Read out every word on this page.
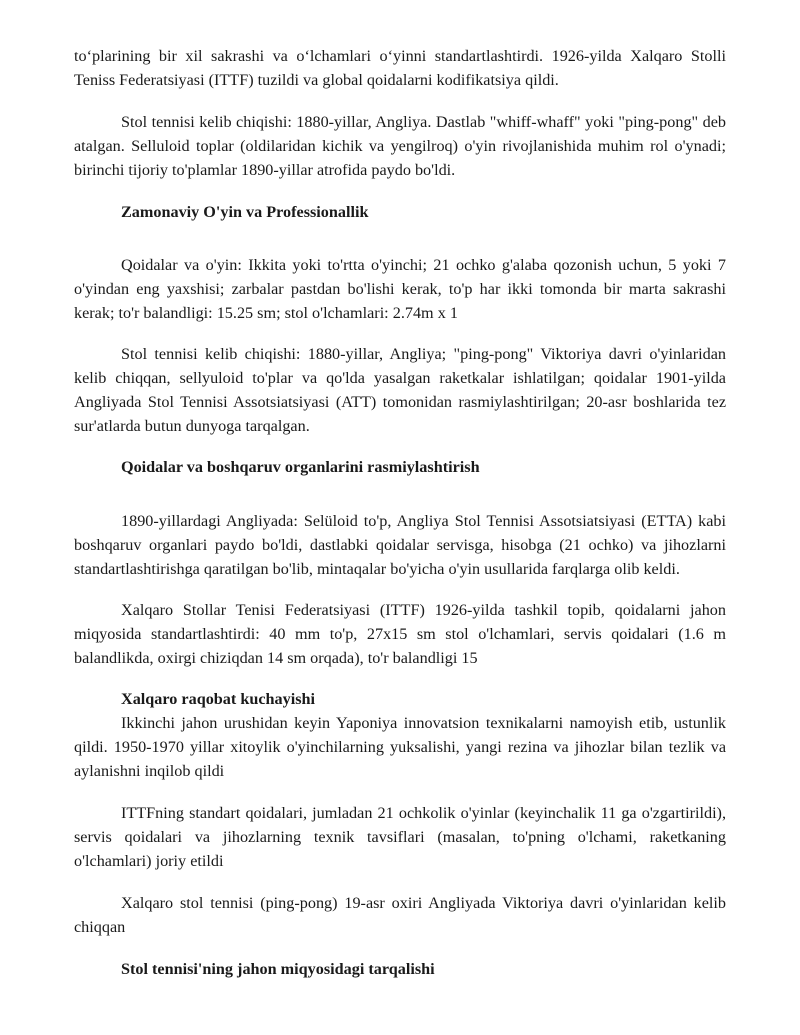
to‘plarining bir xil sakrashi va o‘lchamlari o‘yinni standartlashtirdi. 1926-yilda Xalqaro Stolli Teniss Federatsiyasi (ITTF) tuzildi va global qoidalarni kodifikatsiya qildi.

Stol tennisi kelib chiqishi: 1880-yillar, Angliya. Dastlab "whiff-whaff" yoki "ping-pong" deb atalgan. Selluloid toplar (oldilaridan kichik va yengilroq) o'yin rivojlanishida muhim rol o'ynadi; birinchi tijoriy to'plamlar 1890-yillar atrofida paydo bo'ldi.

Zamonaviy O'yin va Professionallik

Qoidalar va o'yin: Ikkita yoki to'rtta o'yinchi; 21 ochko g'alaba qozonish uchun, 5 yoki 7 o'yindan eng yaxshisi; zarbalar pastdan bo'lishi kerak, to'p har ikki tomonda bir marta sakrashi kerak; to'r balandligi: 15.25 sm; stol o'lchamlari: 2.74m x 1

Stol tennisi kelib chiqishi: 1880-yillar, Angliya; "ping-pong" Viktoriya davri o'yinlaridan kelib chiqqan, sellyuloid to'plar va qo'lda yasalgan raketkalar ishlatilgan; qoidalar 1901-yilda Angliyada Stol Tennisi Assotsiatsiyasi (ATT) tomonidan rasmiylashtirilgan; 20-asr boshlarida tez sur'atlarda butun dunyoga tarqalgan.

Qoidalar va boshqaruv organlarini rasmiylashtirish

1890-yillardagi Angliyada: Selüloid to'p, Angliya Stol Tennisi Assotsiatsiyasi (ETTA) kabi boshqaruv organlari paydo bo'ldi, dastlabki qoidalar servisga, hisobga (21 ochko) va jihozlarni standartlashtirishga qaratilgan bo'lib, mintaqalar bo'yicha o'yin usullarida farqlarga olib keldi.

Xalqaro Stollar Tenisi Federatsiyasi (ITTF) 1926-yilda tashkil topib, qoidalarni jahon miqyosida standartlashtirdi: 40 mm to'p, 27x15 sm stol o'lchamlari, servis qoidalari (1.6 m balandlikda, oxirgi chiziqdan 14 sm orqada), to'r balandligi 15

Xalqaro raqobat kuchayishi

Ikkinchi jahon urushidan keyin Yaponiya innovatsion texnikalarni namoyish etib, ustunlik qildi. 1950-1970 yillar xitoylik o'yinchilarning yuksalishi, yangi rezina va jihozlar bilan tezlik va aylanishni inqilob qildi

ITTFning standart qoidalari, jumladan 21 ochkolik o'yinlar (keyinchalik 11 ga o'zgartirildi), servis qoidalari va jihozlarning texnik tavsiflari (masalan, to'pning o'lchami, raketkaning o'lchamlari) joriy etildi

Xalqaro stol tennisi (ping-pong) 19-asr oxiri Angliyada Viktoriya davri o'yinlaridan kelib chiqqan

Stol tennisi'ning jahon miqyosidagi tarqalishi
